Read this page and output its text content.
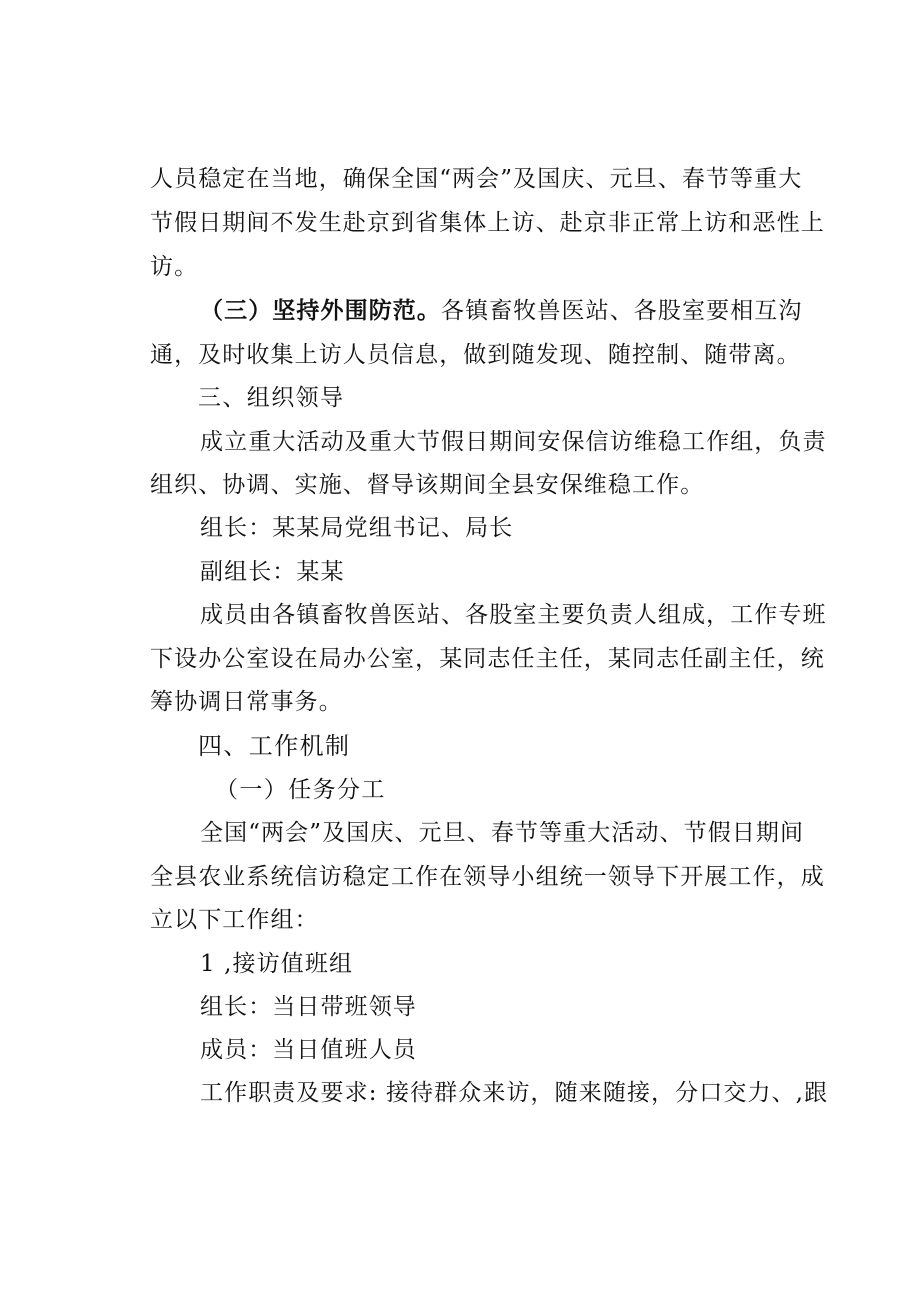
人员稳定在当地，确保全国“两会”及国庆、元旦、春节等重大
节假日期间不发生赴京到省集体上访、赴京非正常上访和恶性上
访。
（三）坚持外围防范。 各镇畜牧兽医站、各股室要相互沟
通，及时收集上访人员信息，做到随发现、随控制、随带离。
三、组织领导
成立重大活动及重大节假日期间安保信访维稳工作组，负责
组织、协调、实施、督导该期间全县安保维稳工作。
组长：某某局党组书记、局长
副组长：某某
成员由各镇畜牧兽医站、各股室主要负责人组成，工作专班
下设办公室设在局办公室，某同志任主任，某同志任副主任，统
筹协调日常事务。
四、工作机制
（一）任务分工
全国“两会”及国庆、元旦、春节等重大活动、节假日期间
全县农业系统信访稳定工作在领导小组统一领导下开展工作，成
立以下工作组：
1 ,接访值班组
组长：当日带班领导
成员：当日值班人员
工作职责及要求: 接待群众来访，随来随接，分口交力、,跟
